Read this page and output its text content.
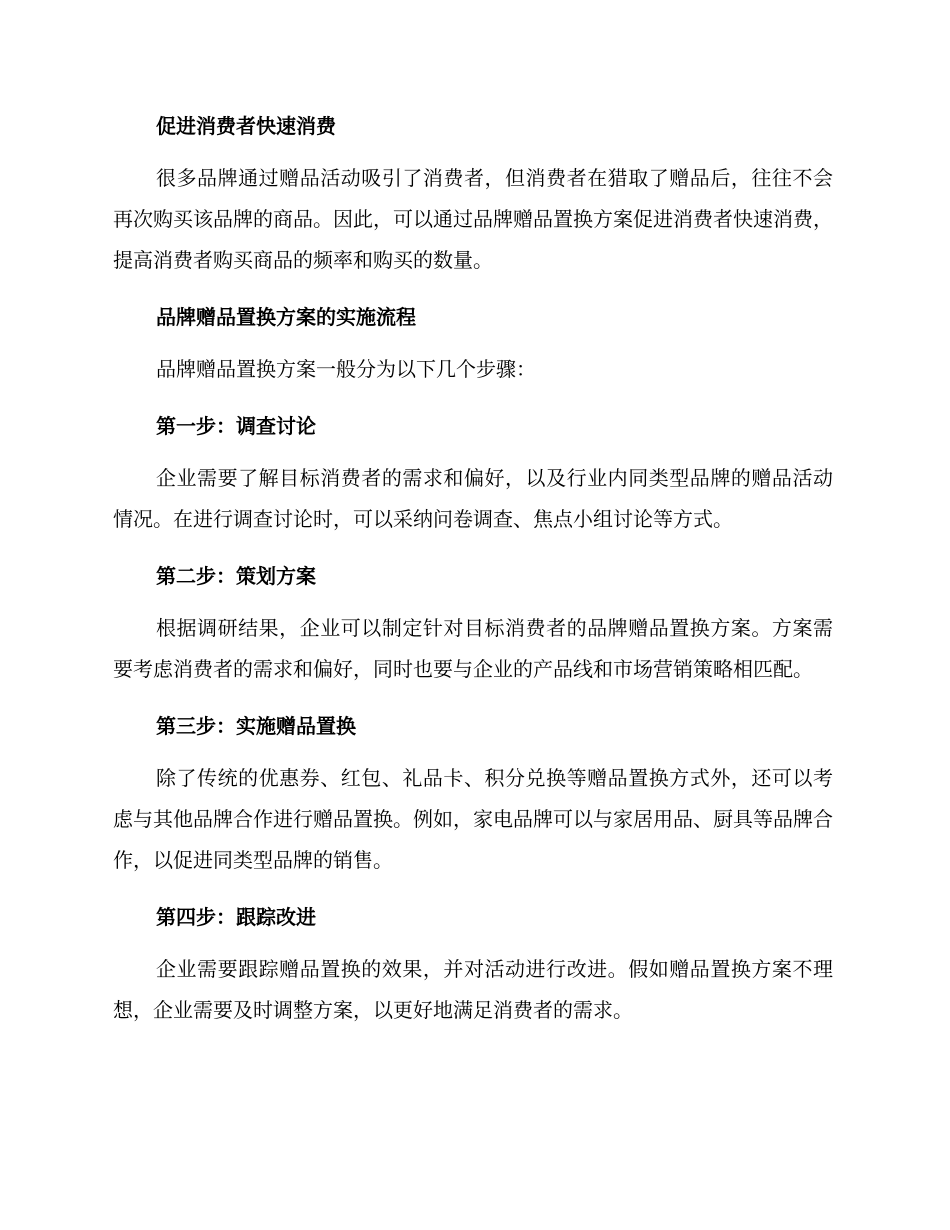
促进消费者快速消费

很多品牌通过赠品活动吸引了消费者，但消费者在猎取了赠品后，往往不会再次购买该品牌的商品。因此，可以通过品牌赠品置换方案促进消费者快速消费，提高消费者购买商品的频率和购买的数量。

品牌赠品置换方案的实施流程

品牌赠品置换方案一般分为以下几个步骤：

第一步：调查讨论

企业需要了解目标消费者的需求和偏好，以及行业内同类型品牌的赠品活动情况。在进行调查讨论时，可以采纳问卷调查、焦点小组讨论等方式。

第二步：策划方案

根据调研结果，企业可以制定针对目标消费者的品牌赠品置换方案。方案需要考虑消费者的需求和偏好，同时也要与企业的产品线和市场营销策略相匹配。

第三步：实施赠品置换

除了传统的优惠券、红包、礼品卡、积分兑换等赠品置换方式外，还可以考虑与其他品牌合作进行赠品置换。例如，家电品牌可以与家居用品、厨具等品牌合作，以促进同类型品牌的销售。

第四步：跟踪改进

企业需要跟踪赠品置换的效果，并对活动进行改进。假如赠品置换方案不理想，企业需要及时调整方案，以更好地满足消费者的需求。
